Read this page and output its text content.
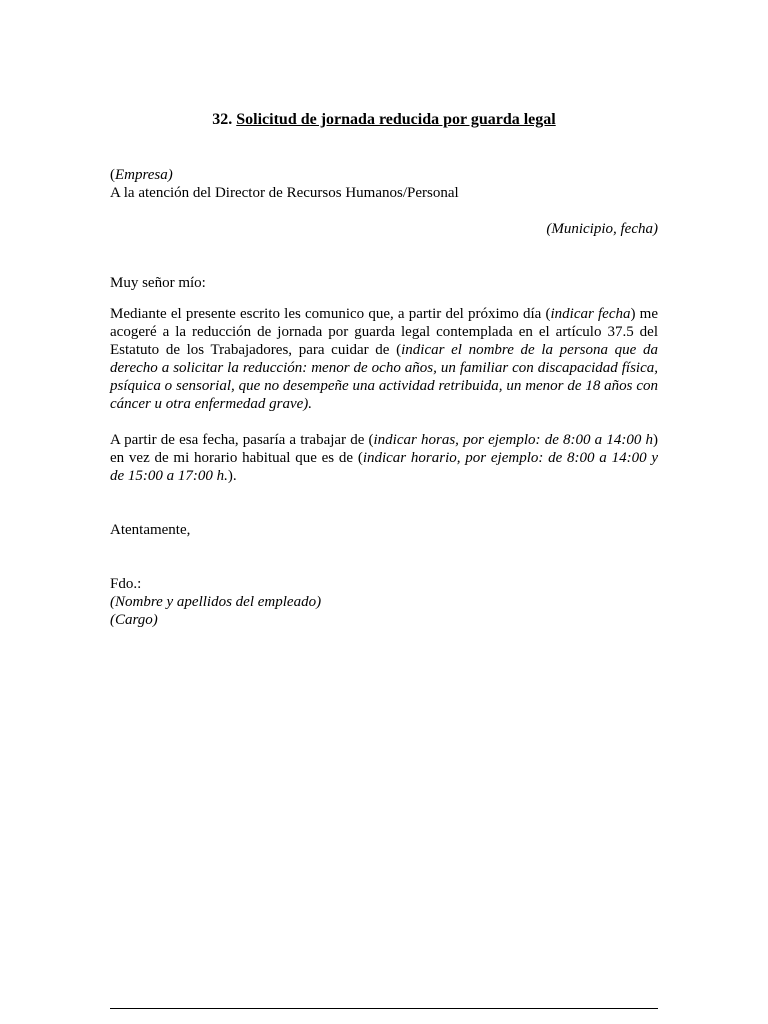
32. Solicitud de jornada reducida por guarda legal
(Empresa)
A la atención del Director de Recursos Humanos/Personal
(Municipio, fecha)
Muy señor mío:
Mediante el presente escrito les comunico que, a partir del próximo día (indicar fecha) me acogeré a la reducción de jornada por guarda legal contemplada en el artículo 37.5 del Estatuto de los Trabajadores, para cuidar de (indicar el nombre de la persona que da derecho a solicitar la reducción: menor de ocho años, un familiar con discapacidad física, psíquica o sensorial, que no desempeñe una actividad retribuida, un menor de 18 años con cáncer u otra enfermedad grave).
A partir de esa fecha, pasaría a trabajar de (indicar horas, por ejemplo: de 8:00 a 14:00 h) en vez de mi horario habitual que es de (indicar horario, por ejemplo: de 8:00 a 14:00 y de 15:00 a 17:00 h.).
Atentamente,
Fdo.:
(Nombre y apellidos del empleado)
(Cargo)
